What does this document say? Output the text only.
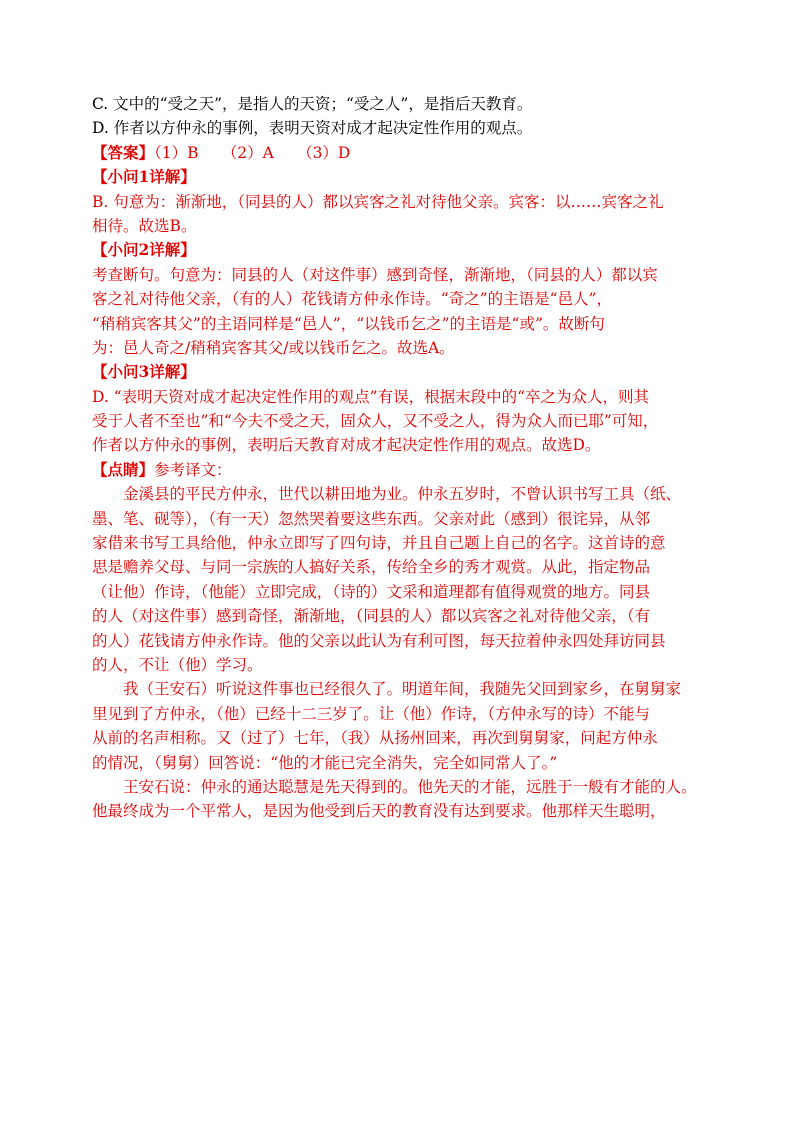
C. 文中的“受之天”，是指人的天资；“受之人”，是指后天教育。
D. 作者以方仲永的事例，表明天资对成才起决定性作用的观点。
【答案】（1）B　　（2）A　　（3）D
【小问1详解】
B. 句意为：渐渐地，（同县的人）都以宾客之礼对待他父亲。宾客：以……宾客之礼
相待。故选B。
【小问2详解】
考查断句。句意为：同县的人（对这件事）感到奇怪，渐渐地，（同县的人）都以宾
客之礼对待他父亲，（有的人）花钱请方仲永作诗。“奇之”的主语是“邑人”，
“稍稍宾客其父”的主语同样是“邑人”，“以钱币乞之”的主语是“或”。故断句
为：邑人奇之/稍稍宾客其父/或以钱币乞之。故选A。
【小问3详解】
D. “表明天资对成才起决定性作用的观点”有误，根据末段中的“卒之为众人，则其
受于人者不至也”和“今夫不受之天，固众人，又不受之人，得为众人而已耶”可知，
作者以方仲永的事例，表明后天教育对成才起决定性作用的观点。故选D。
【点睛】参考译文：
金溪县的平民方仲永，世代以耕田地为业。仲永五岁时，不曾认识书写工具（纸、
墨、笔、砚等），（有一天）忽然哭着要这些东西。父亲对此（感到）很诧异，从邻
家借来书写工具给他，仲永立即写了四句诗，并且自己题上自己的名字。这首诗的意
思是赡养父母、与同一宗族的人搞好关系，传给全乡的秀才观赏。从此，指定物品
（让他）作诗，（他能）立即完成，（诗的）文采和道理都有值得观赏的地方。同县
的人（对这件事）感到奇怪，渐渐地，（同县的人）都以宾客之礼对待他父亲，（有
的人）花钱请方仲永作诗。他的父亲以此认为有利可图，每天拉着仲永四处拜访同县
的人，不让（他）学习。
我（王安石）听说这件事也已经很久了。明道年间，我随先父回到家乡，在舅舅家
里见到了方仲永，（他）已经十二三岁了。让（他）作诗，（方仲永写的诗）不能与
从前的名声相称。又（过了）七年，（我）从扬州回来，再次到舅舅家，问起方仲永
的情况，（舅舅）回答说：“他的才能已完全消失，完全如同常人了。”
王安石说：仲永的通达聪慧是先天得到的。他先天的才能，远胜于一般有才能的人。
他最终成为一个平常人，是因为他受到后天的教育没有达到要求。他那样天生聪明，
